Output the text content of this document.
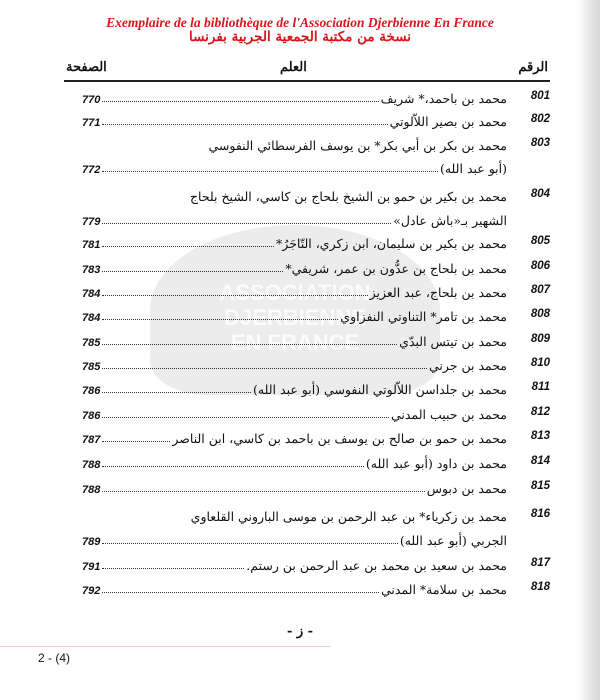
Exemplaire de la bibliothèque de l'Association Djerbienne En France
نسخة من مكتبة الجمعية الجربية بفرنسا
ASSOCIATION
DJERBIENNE
EN FRANCE
الرقم
العلم
الصفحة
801
محمد بن باحمد،* شريف
770
802
محمد بن بصير اللاّلوتي
771
803
محمد بن بكر بن أبي بكر* بن يوسف الفرسطائي النفوسي
(أبو عبد الله)
772
804
محمد بن بكير بن حمو بن الشيخ بلحاج بن كاسي، الشيخ بلحاج
الشهير بـ«باش عادل»
779
805
محمد بن بكير بن سليمان، ابن زكري، التّاجَرُ*
781
806
محمد بن بلحاج بن عدُّون بن عمر، شريفي*
783
807
محمد بن بلحاج، عبد العزيز
784
808
محمد بن تامر* التناوتي النفزاوي
784
809
محمد بن تيتس البدّي
785
810
محمد بن جرني
785
811
محمد بن جلداسن اللاّلوتي النفوسي (أبو عبد الله)
786
812
محمد بن حبيب المدني
786
813
محمد بن حمو بن صالح بن يوسف بن باحمد بن كاسي، ابن الناصر
787
814
محمد بن داود (أبو عبد الله)
788
815
محمد بن دبوس
788
816
محمد بن زكرياء* بن عبد الرحمن بن موسى الباروني القلعاوي
الجربي (أبو عبد الله)
789
817
محمد بن سعيد بن محمد بن عبد الرحمن بن رستم.
791
818
محمد بن سلامة* المدني
792
- ز -
2 - (4)
